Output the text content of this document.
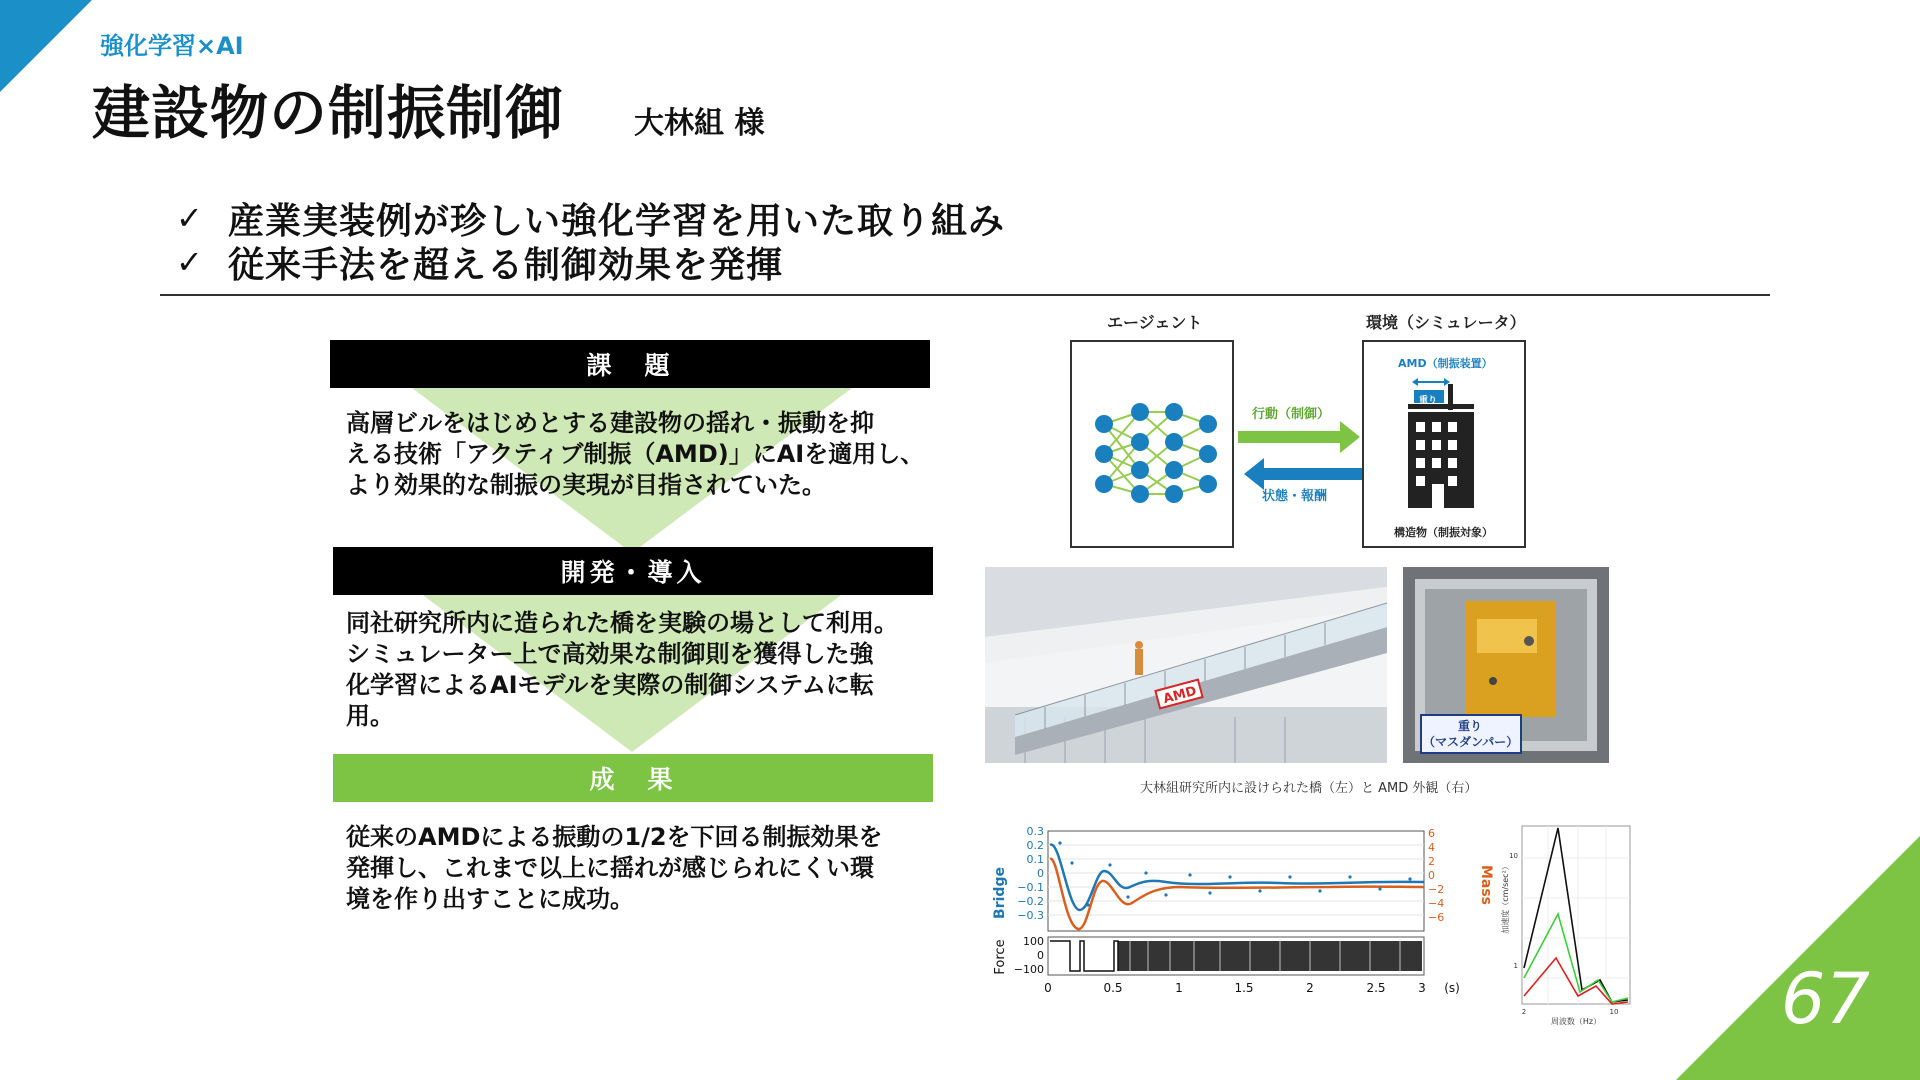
強化学習×AI
建設物の制振制御 大林組 様
✓ 産業実装例が珍しい強化学習を用いた取り組み
✓ 従来手法を超える制御効果を発揮
課　題
高層ビルをはじめとする建設物の揺れ・振動を抑
える技術「アクティブ制振（AMD)」にAIを適用し、
より効果的な制振の実現が目指されていた。
開発・導入
同社研究所内に造られた橋を実験の場として利用。
シミュレーター上で高効果な制御則を獲得した強
化学習によるAIモデルを実際の制御システムに転
用。
成　果
従来のAMDによる振動の1/2を下回る制振効果を
発揮し、これまで以上に揺れが感じられにくい環
境を作り出すことに成功。
エージェント	環境（シミュレータ）
行動（制御）
状態・報酬
AMD（制振装置）
重り
構造物（制振対象）
AMD
重り
（マスダンパー）
大林組研究所内に設けられた橋（左）と AMD 外観（右）
0.3
0.2
0.1
0
−0.1
−0.2
−0.3
6
4
2
0
−2
−4
−6
Bridge	Mass
100
0
−100
Force
0	0.5	1	1.5	2	2.5	3 (s)
加速度（cm/sec²）
10
1
2	10
周波数（Hz）	67
